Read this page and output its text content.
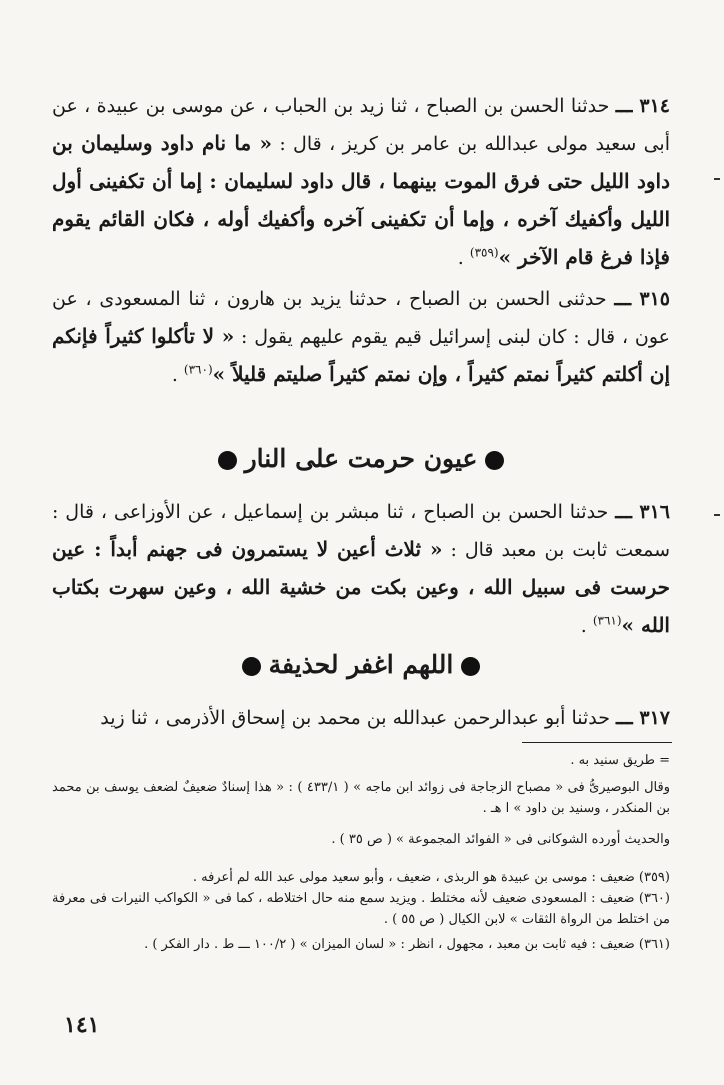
٣١٤ ـــ حدثنا الحسن بن الصباح ، ثنا زيد بن الحباب ، عن موسى بن عبيدة ، عن أبى سعيد مولى عبدالله بن عامر بن كريز ، قال : « ما نام داود وسليمان بن داود الليل حتى فرق الموت بينهما ، قال داود لسليمان : إما أن تكفينى أول الليل وأكفيك آخره ، وإما أن تكفينى آخره وأكفيك أوله ، فكان القائم يقوم فإذا فرغ قام الآخر »$^{(٣٥٩)}$ .
٣١٥ ـــ حدثنى الحسن بن الصباح ، حدثنا يزيد بن هارون ، ثنا المسعودى ، عن عون ، قال : كان لبنى إسرائيل قيم يقوم عليهم يقول : « لا تأكلوا كثيراً فإنكم إن أكلتم كثيراً نمتم كثيراً ، وإن نمتم كثيراً صليتم قليلاً »$^{(٣٦٠)}$ .
عيون حرمت على النار
٣١٦ ـــ حدثنا الحسن بن الصباح ، ثنا مبشر بن إسماعيل ، عن الأوزاعى ، قال : سمعت ثابت بن معبد قال : « ثلاث أعين لا يستمرون فى جهنم أبداً : عين حرست فى سبيل الله ، وعين بكت من خشية الله ، وعين سهرت بكتاب الله »$^{(٣٦١)}$ .
اللهم اغفر لحذيفة
٣١٧ ـــ حدثنا أبو عبدالرحمن عبدالله بن محمد بن إسحاق الأذرمى ، ثنا زيد

= طريق سنيد به .

وقال البوصيرىُّ فى « مصباح الزجاجة فى زوائد ابن ماجه » ( ٤٣٣/١ ) : « هذا إسنادٌ ضعيفٌ لضعف يوسف بن محمد بن المنكدر ، وسنيد بن داود » ا هـ .

والحديث أورده الشوكانى فى « الفوائد المجموعة » ( ص ٣٥ ) .

(٣٥٩) ضعيف : موسى بن عبيدة هو الربذى ، ضعيف ، وأبو سعيد مولى عبد الله لم أعرفه .

(٣٦٠) ضعيف : المسعودى ضعيف لأنه مختلط . ويزيد سمع منه حال اختلاطه ، كما فى « الكواكب النيرات فى معرفة من اختلط من الرواة الثقات » لابن الكيال ( ص ٥٥ ) .

(٣٦١) ضعيف : فيه ثابت بن معبد ، مجهول ، انظر : « لسان الميزان » ( ١٠٠/٢ ـــ ط . دار الفكر ) .

١٤١
